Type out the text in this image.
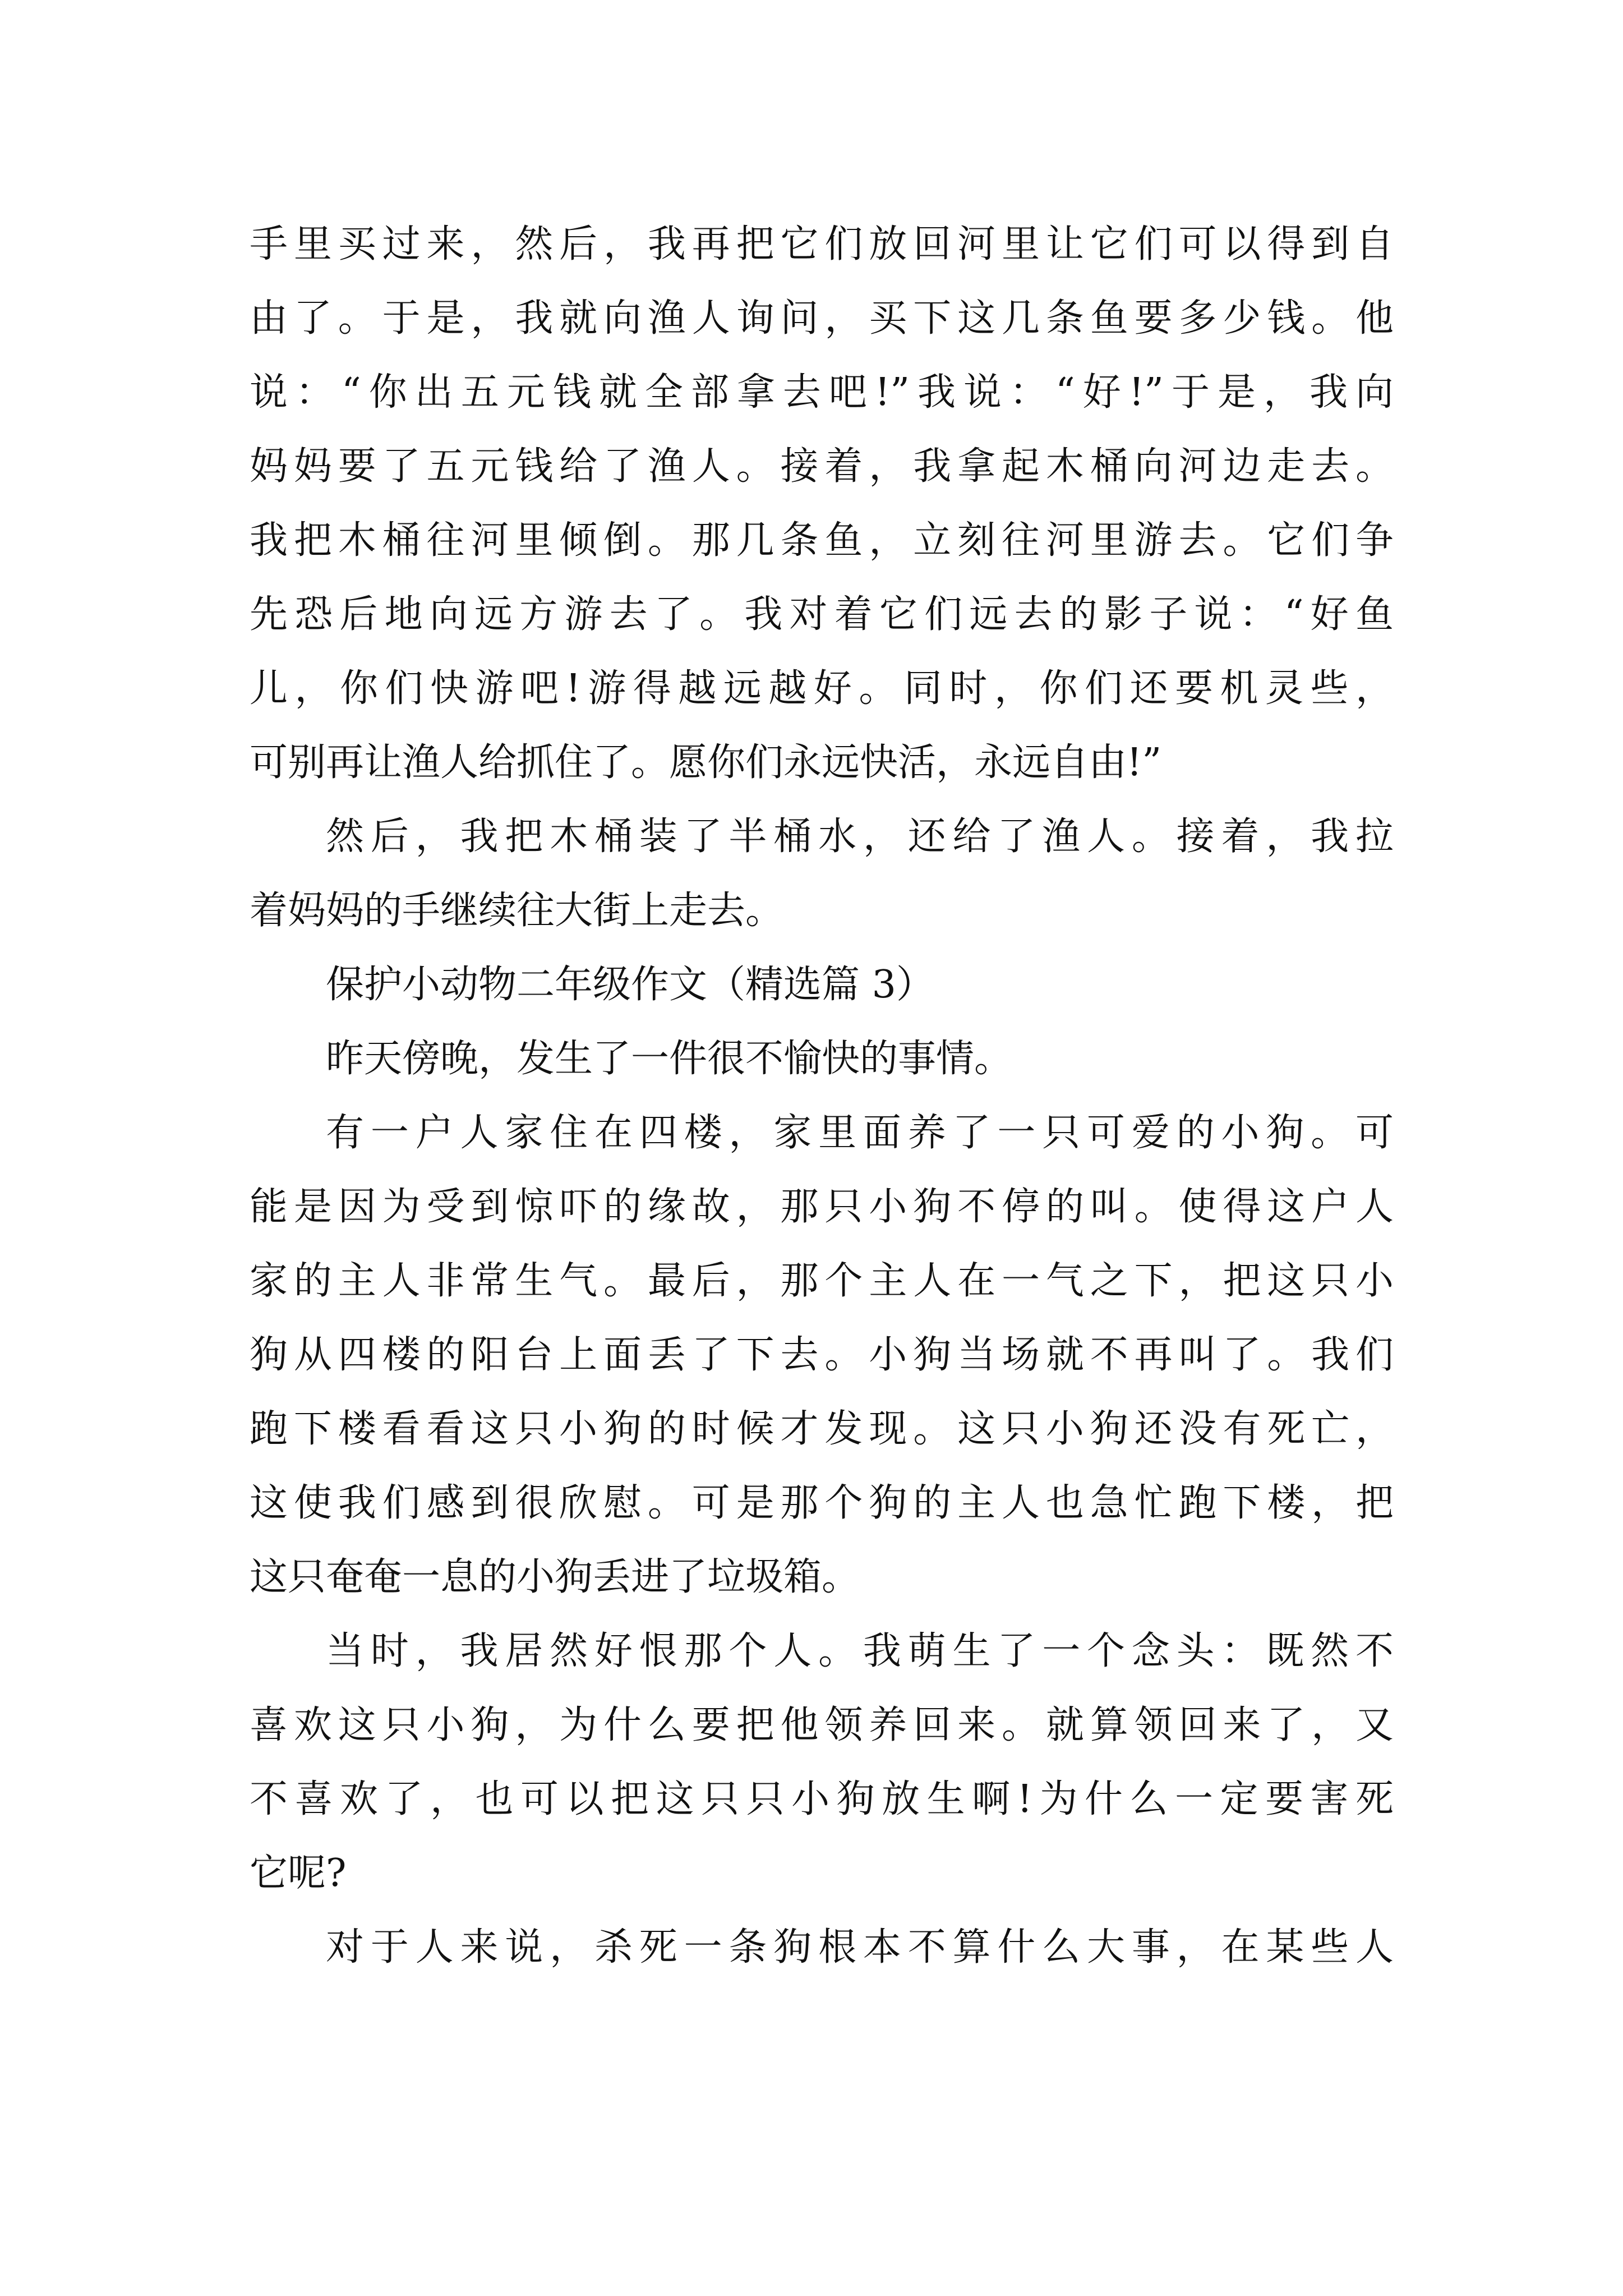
手里买过来，然后，我再把它们放回河里让它们可以得到自
由了。于是，我就向渔人询问，买下这几条鱼要多少钱。他
说：“你出五元钱就全部拿去吧!”我说：“好!”于是，我向
妈妈要了五元钱给了渔人。接着，我拿起木桶向河边走去。
我把木桶往河里倾倒。那几条鱼，立刻往河里游去。它们争
先恐后地向远方游去了。我对着它们远去的影子说：“好鱼
儿，你们快游吧!游得越远越好。同时，你们还要机灵些，
可别再让渔人给抓住了。愿你们永远快活，永远自由!”
然后，我把木桶装了半桶水，还给了渔人。接着，我拉
着妈妈的手继续往大街上走去。
保护小动物二年级作文（精选篇 3）
昨天傍晚，发生了一件很不愉快的事情。
有一户人家住在四楼，家里面养了一只可爱的小狗。可
能是因为受到惊吓的缘故，那只小狗不停的叫。使得这户人
家的主人非常生气。最后，那个主人在一气之下，把这只小
狗从四楼的阳台上面丢了下去。小狗当场就不再叫了。我们
跑下楼看看这只小狗的时候才发现。这只小狗还没有死亡，
这使我们感到很欣慰。可是那个狗的主人也急忙跑下楼，把
这只奄奄一息的小狗丢进了垃圾箱。
当时，我居然好恨那个人。我萌生了一个念头：既然不
喜欢这只小狗，为什么要把他领养回来。就算领回来了，又
不喜欢了，也可以把这只只小狗放生啊!为什么一定要害死
它呢?
对于人来说，杀死一条狗根本不算什么大事，在某些人
